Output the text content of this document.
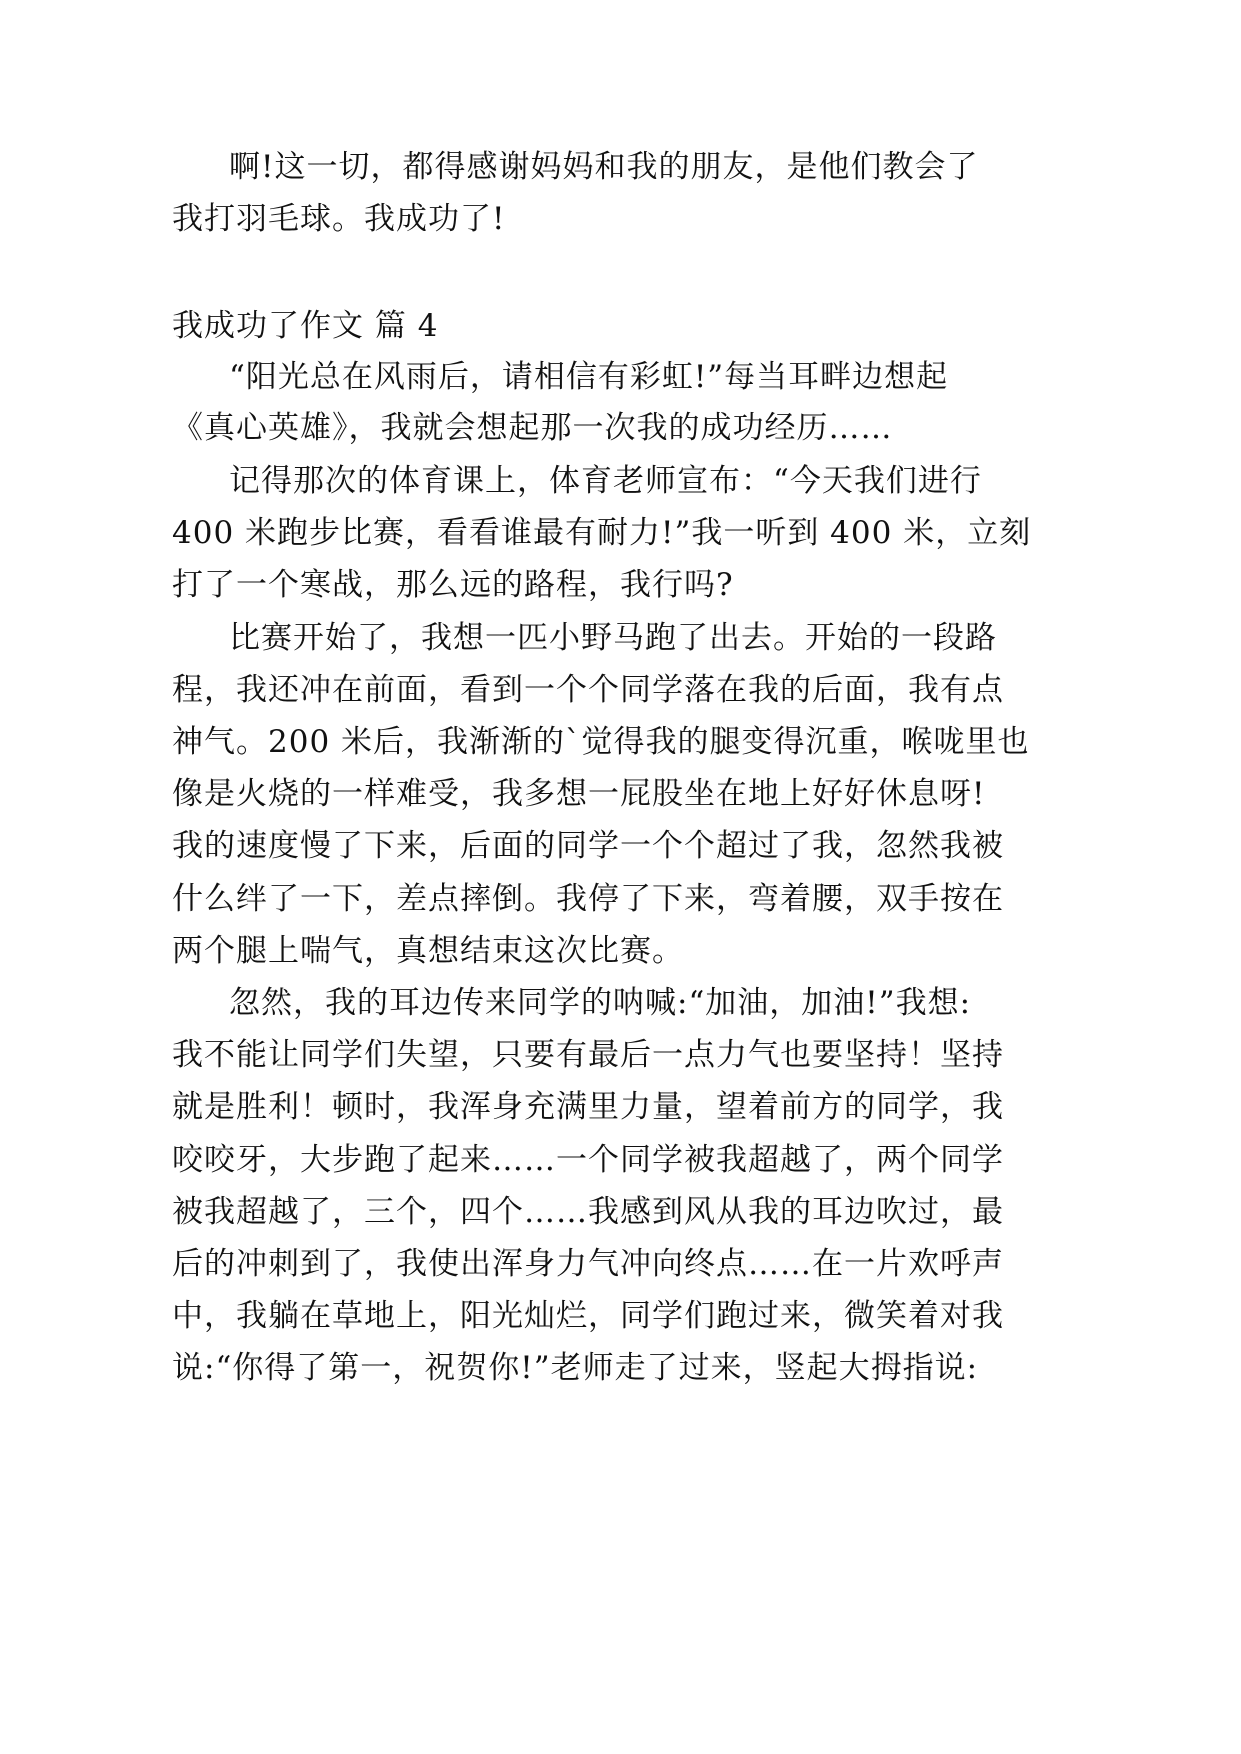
啊!这一切，都得感谢妈妈和我的朋友，是他们教会了
我打羽毛球。我成功了!
我成功了作文 篇 4
“阳光总在风雨后，请相信有彩虹!”每当耳畔边想起
《真心英雄》，我就会想起那一次我的成功经历……
记得那次的体育课上，体育老师宣布：“今天我们进行
400 米跑步比赛，看看谁最有耐力!”我一听到 400 米，立刻
打了一个寒战，那么远的路程，我行吗?
比赛开始了，我想一匹小野马跑了出去。开始的一段路
程，我还冲在前面，看到一个个同学落在我的后面，我有点
神气。200 米后，我渐渐的`觉得我的腿变得沉重，喉咙里也
像是火烧的一样难受，我多想一屁股坐在地上好好休息呀!
我的速度慢了下来，后面的同学一个个超过了我，忽然我被
什么绊了一下，差点摔倒。我停了下来，弯着腰，双手按在
两个腿上喘气，真想结束这次比赛。
忽然，我的耳边传来同学的呐喊:“加油，加油!”我想:
我不能让同学们失望，只要有最后一点力气也要坚持！坚持
就是胜利！顿时，我浑身充满里力量，望着前方的同学，我
咬咬牙，大步跑了起来……一个同学被我超越了，两个同学
被我超越了，三个，四个……我感到风从我的耳边吹过，最
后的冲刺到了，我使出浑身力气冲向终点……在一片欢呼声
中，我躺在草地上，阳光灿烂，同学们跑过来，微笑着对我
说:“你得了第一，祝贺你!”老师走了过来，竖起大拇指说:
